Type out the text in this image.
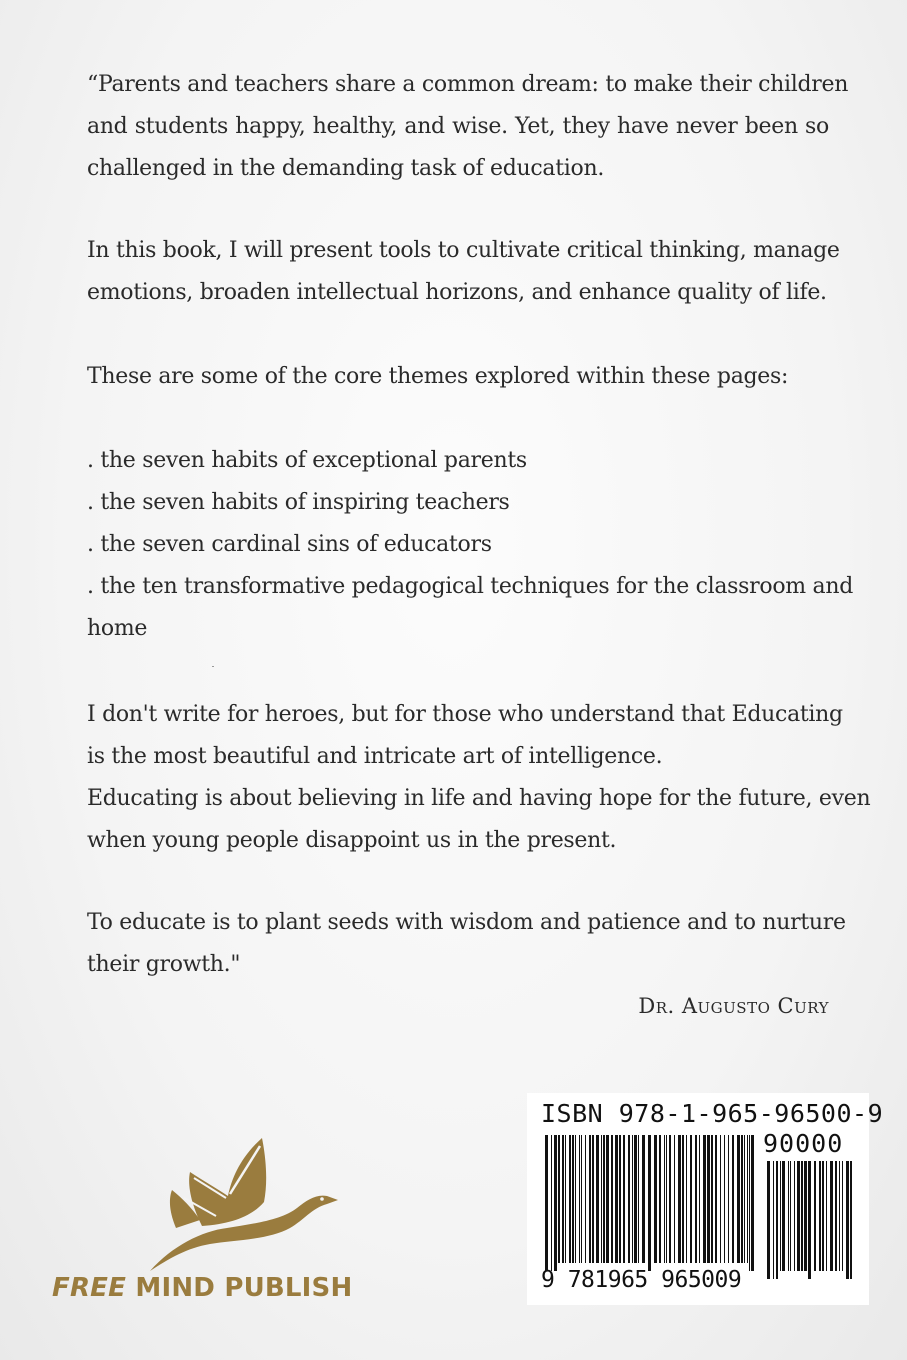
“Parents and teachers share a common dream: to make their children
and students happy, healthy, and wise. Yet, they have never been so
challenged in the demanding task of education.
In this book, I will present tools to cultivate critical thinking, manage
emotions, broaden intellectual horizons, and enhance quality of life.
These are some of the core themes explored within these pages:
. the seven habits of exceptional parents
. the seven habits of inspiring teachers
. the seven cardinal sins of educators
. the ten transformative pedagogical techniques for the classroom and
home
I don't write for heroes, but for those who understand that Educating
is the most beautiful and intricate art of intelligence.
Educating is about believing in life and having hope for the future, even
when young people disappoint us in the present.
To educate is to plant seeds with wisdom and patience and to nurture
their growth."
Dr. Augusto Cury
ISBN 978-1-965-96500-9
90000
9 781965 965009
FREE MIND PUBLISH
